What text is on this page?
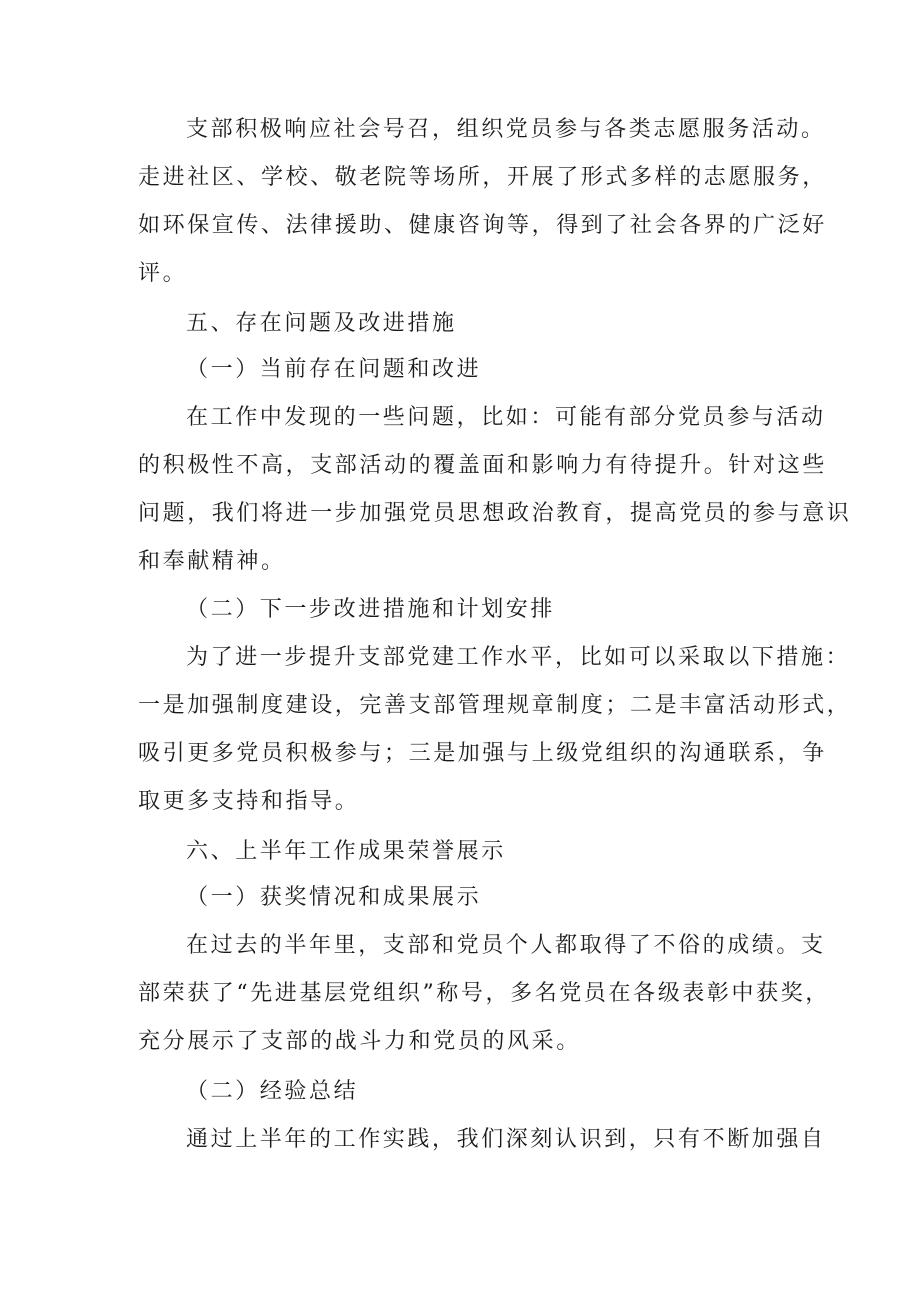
支部积极响应社会号召，组织党员参与各类志愿服务活动。
走进社区、学校、敬老院等场所，开展了形式多样的志愿服务，
如环保宣传、法律援助、健康咨询等，得到了社会各界的广泛好
评。
五、存在问题及改进措施
（一）当前存在问题和改进
在工作中发现的一些问题，比如：可能有部分党员参与活动
的积极性不高，支部活动的覆盖面和影响力有待提升。针对这些
问题，我们将进一步加强党员思想政治教育，提高党员的参与意识
和奉献精神。
（二）下一步改进措施和计划安排
为了进一步提升支部党建工作水平，比如可以采取以下措施：
一是加强制度建设，完善支部管理规章制度；二是丰富活动形式，
吸引更多党员积极参与；三是加强与上级党组织的沟通联系，争
取更多支持和指导。
六、上半年工作成果荣誉展示
（一）获奖情况和成果展示
在过去的半年里，支部和党员个人都取得了不俗的成绩。支
部荣获了“先进基层党组织”称号，多名党员在各级表彰中获奖，
充分展示了支部的战斗力和党员的风采。
（二）经验总结
通过上半年的工作实践，我们深刻认识到，只有不断加强自
